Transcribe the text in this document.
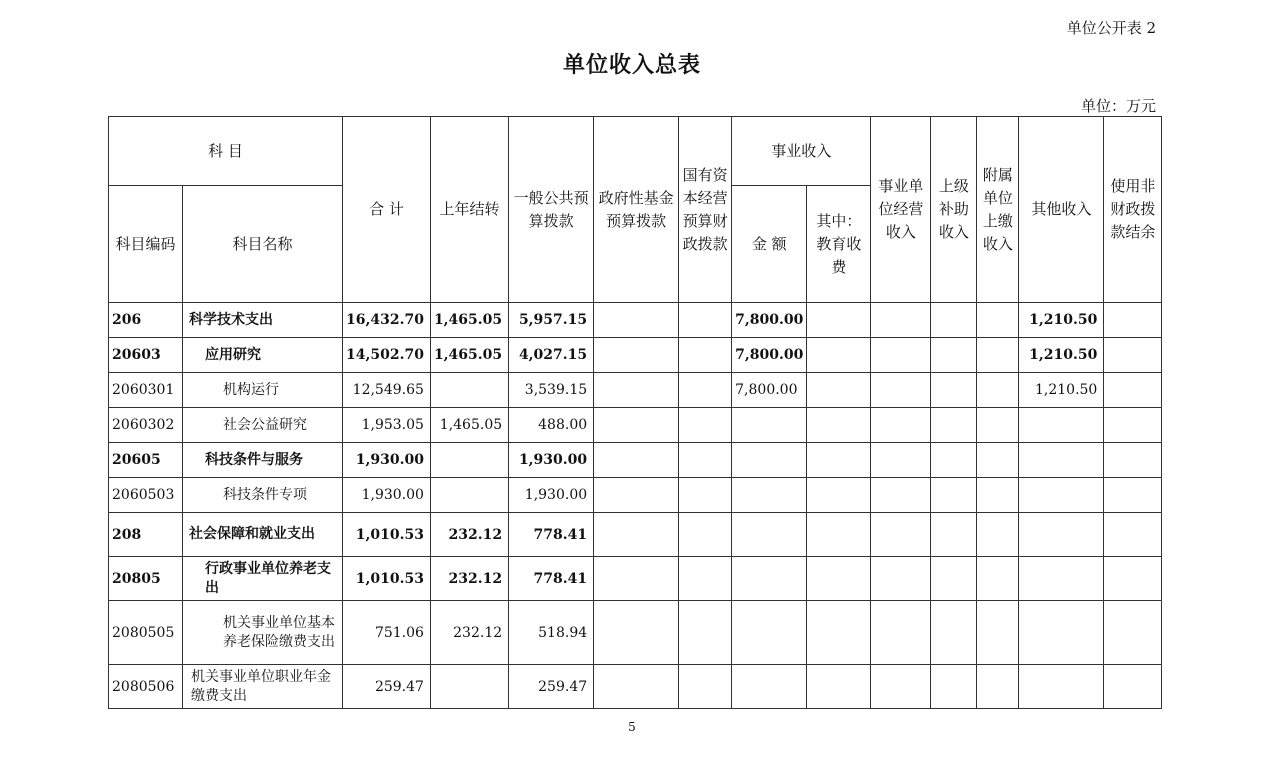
单位公开表 2
单位收入总表
单位：万元
科 目		合 计	上年结转	一般公共预算拨款	政府性基金预算拨款	国有资本经营预算财政拨款	事业收入		事业单位经营收入	上级补助收入	附属单位上缴收入	其他收入	使用非财政拨款结余
科目编码	科目名称						金 额	其中：教育收费					
206	科学技术支出	16,432.70	1,465.05	5,957.15			7,800.00					1,210.50	
20603	应用研究	14,502.70	1,465.05	4,027.15			7,800.00					1,210.50	
2060301	机构运行	12,549.65		3,539.15			7,800.00					1,210.50	
2060302	社会公益研究	1,953.05	1,465.05	488.00									
20605	科技条件与服务	1,930.00		1,930.00									
2060503	科技条件专项	1,930.00		1,930.00									
208	社会保障和就业支出	1,010.53	232.12	778.41									
20805	行政事业单位养老支出	1,010.53	232.12	778.41									
2080505	机关事业单位基本养老保险缴费支出	751.06	232.12	518.94									
2080506	机关事业单位职业年金缴费支出	259.47		259.47									
5
